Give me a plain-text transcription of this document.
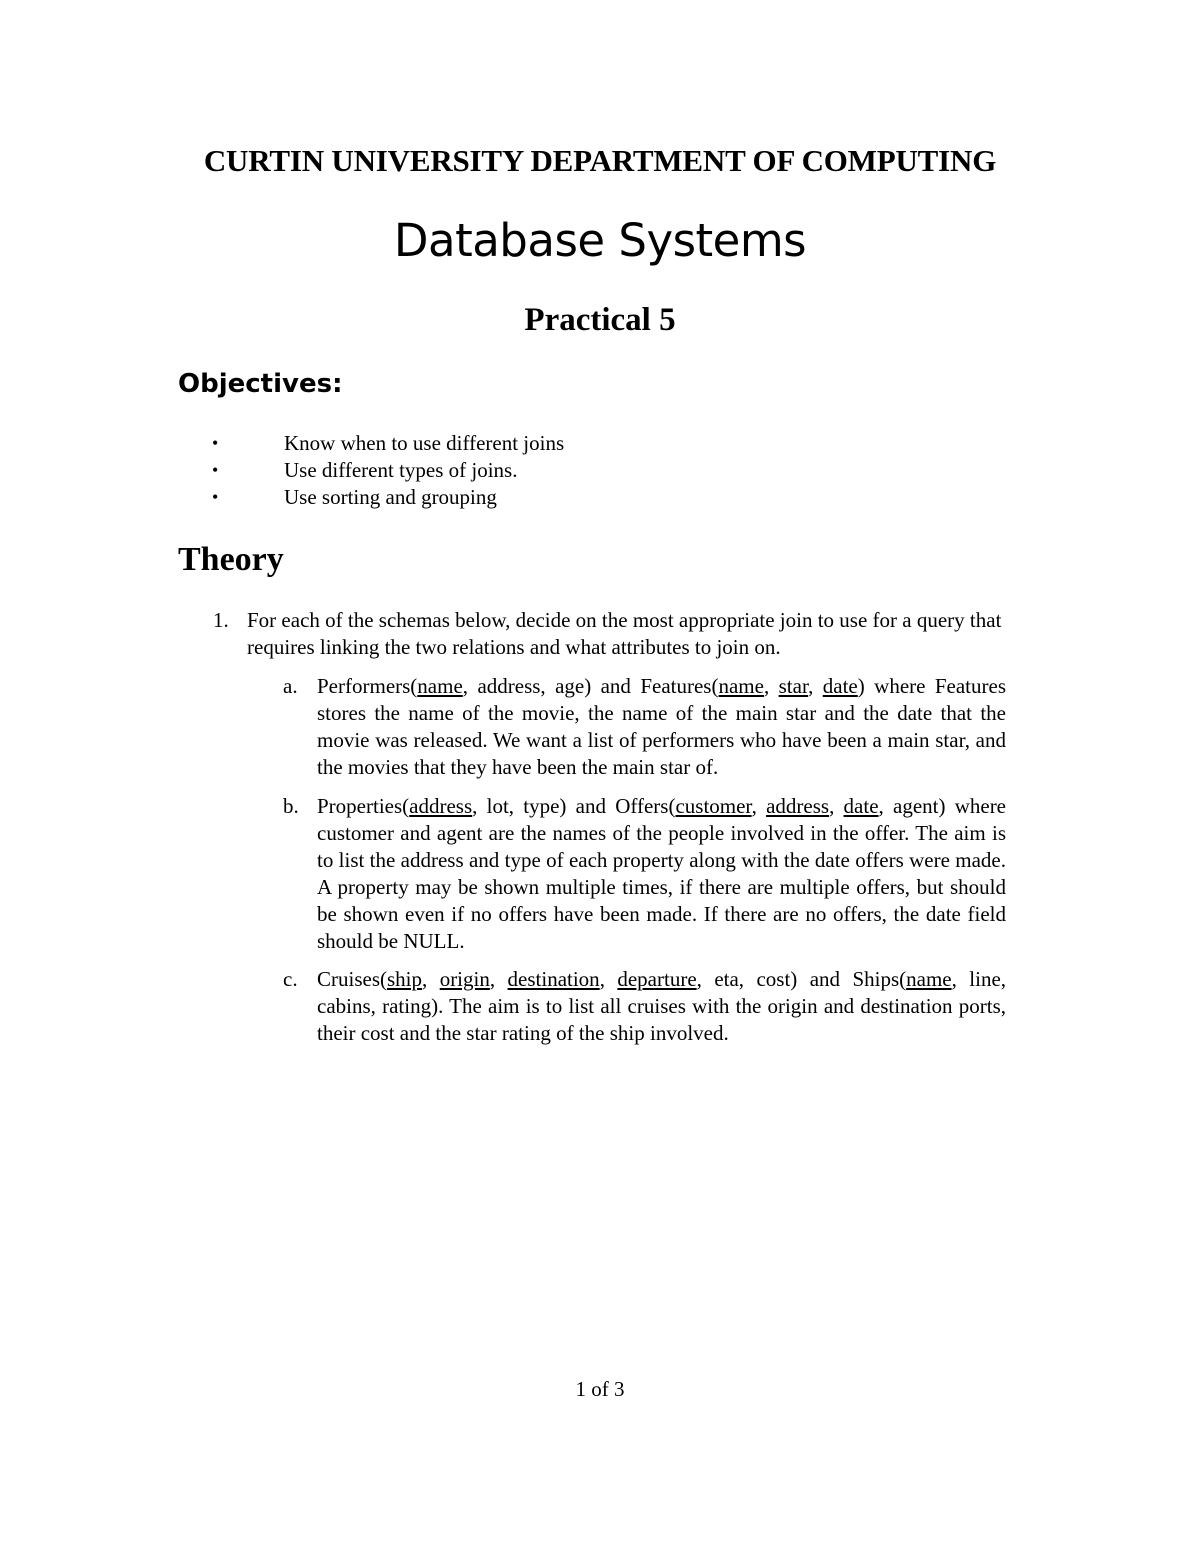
CURTIN UNIVERSITY DEPARTMENT OF COMPUTING
Database Systems
Practical 5
Objectives:
•	Know when to use different joins
•	Use different types of joins.
•	Use sorting and grouping
Theory
1. For each of the schemas below, decide on the most appropriate join to use for a query that requires linking the two relations and what attributes to join on.
a. Performers(name, address, age) and Features(name, star, date) where Features stores the name of the movie, the name of the main star and the date that the movie was released. We want a list of performers who have been a main star, and the movies that they have been the main star of.
b. Properties(address, lot, type) and Offers(customer, address, date, agent) where customer and agent are the names of the people involved in the offer. The aim is to list the address and type of each property along with the date offers were made. A property may be shown multiple times, if there are multiple offers, but should be shown even if no offers have been made. If there are no offers, the date field should be NULL.
c. Cruises(ship, origin, destination, departure, eta, cost) and Ships(name, line, cabins, rating). The aim is to list all cruises with the origin and destination ports, their cost and the star rating of the ship involved.
1 of 3
